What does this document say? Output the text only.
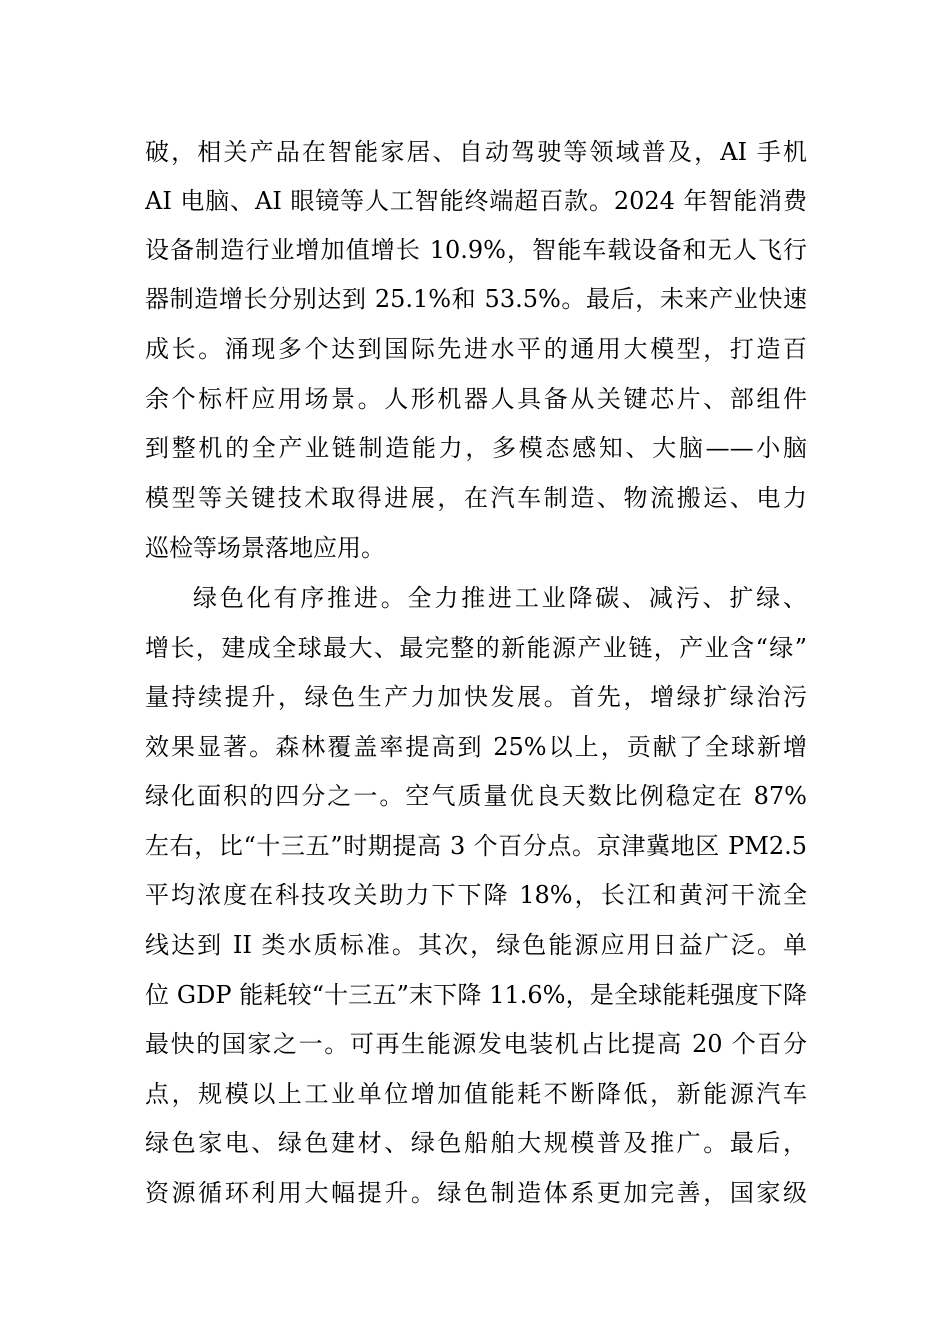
破，相关产品在智能家居、自动驾驶等领域普及，AI 手机
AI 电脑、AI 眼镜等人工智能终端超百款。2024 年智能消费
设备制造行业增加值增长 10.9%，智能车载设备和无人飞行
器制造增长分别达到 25.1%和 53.5%。最后，未来产业快速
成长。涌现多个达到国际先进水平的通用大模型，打造百
余个标杆应用场景。人形机器人具备从关键芯片、部组件
到整机的全产业链制造能力，多模态感知、大脑——小脑
模型等关键技术取得进展，在汽车制造、物流搬运、电力
巡检等场景落地应用。
绿色化有序推进。全力推进工业降碳、减污、扩绿、
增长，建成全球最大、最完整的新能源产业链，产业含“绿”
量持续提升，绿色生产力加快发展。首先，增绿扩绿治污
效果显著。森林覆盖率提高到 25%以上，贡献了全球新增
绿化面积的四分之一。空气质量优良天数比例稳定在 87%
左右，比“十三五”时期提高 3 个百分点。京津冀地区 PM2.5
平均浓度在科技攻关助力下下降 18%，长江和黄河干流全
线达到 II 类水质标准。其次，绿色能源应用日益广泛。单
位 GDP 能耗较“十三五”末下降 11.6%，是全球能耗强度下降
最快的国家之一。可再生能源发电装机占比提高 20 个百分
点，规模以上工业单位增加值能耗不断降低，新能源汽车
绿色家电、绿色建材、绿色船舶大规模普及推广。最后，
资源循环利用大幅提升。绿色制造体系更加完善，国家级
